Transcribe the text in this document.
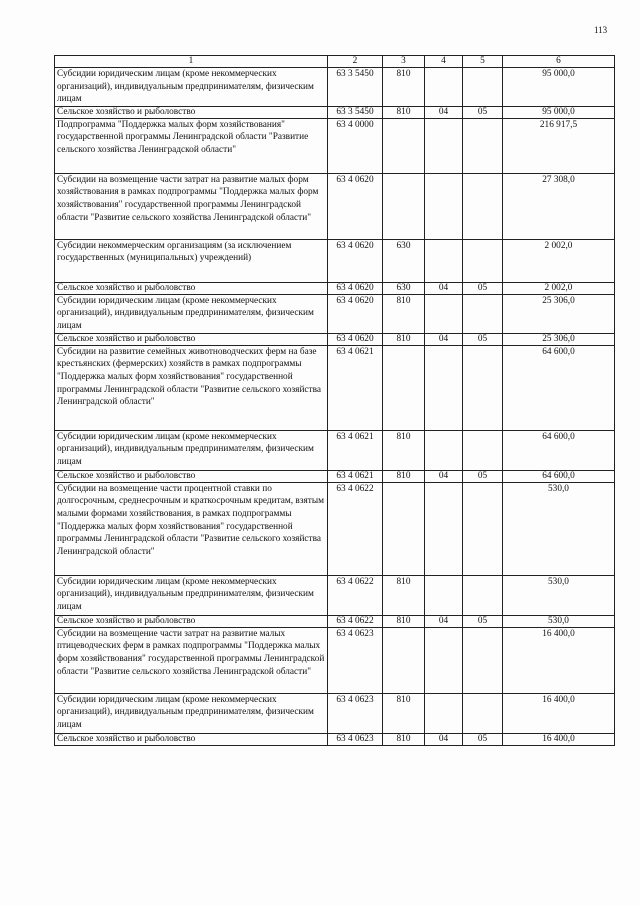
113
1	2	3	4	5	6
Субсидии юридическим лицам (кроме некоммерческих организаций), индивидуальным предпринимателям, физическим лицам	63 3 5450	810			95 000,0
Сельское хозяйство и рыболовство	63 3 5450	810	04	05	95 000,0
Подпрограмма "Поддержка малых форм хозяйствования" государственной программы Ленинградской области "Развитие сельского хозяйства Ленинградской области"	63 4 0000				216 917,5
Субсидии на возмещение части затрат на развитие малых форм хозяйствования в рамках подпрограммы "Поддержка малых форм хозяйствования" государственной программы Ленинградской области "Развитие сельского хозяйства Ленинградской области"	63 4 0620				27 308,0
Субсидии некоммерческим организациям (за исключением государственных (муниципальных) учреждений)	63 4 0620	630			2 002,0
Сельское хозяйство и рыболовство	63 4 0620	630	04	05	2 002,0
Субсидии юридическим лицам (кроме некоммерческих организаций), индивидуальным предпринимателям, физическим лицам	63 4 0620	810			25 306,0
Сельское хозяйство и рыболовство	63 4 0620	810	04	05	25 306,0
Субсидии на развитие семейных животноводческих ферм на базе крестьянских (фермерских) хозяйств в рамках подпрограммы "Поддержка малых форм хозяйствования" государственной программы Ленинградской области "Развитие сельского хозяйства Ленинградской области"	63 4 0621				64 600,0
Субсидии юридическим лицам (кроме некоммерческих организаций), индивидуальным предпринимателям, физическим лицам	63 4 0621	810			64 600,0
Сельское хозяйство и рыболовство	63 4 0621	810	04	05	64 600,0
Субсидии на возмещение части процентной ставки по долгосрочным, среднесрочным и краткосрочным кредитам, взятым малыми формами хозяйствования, в рамках подпрограммы "Поддержка малых форм хозяйствования" государственной программы Ленинградской области "Развитие сельского хозяйства Ленинградской области"	63 4 0622				530,0
Субсидии юридическим лицам (кроме некоммерческих организаций), индивидуальным предпринимателям, физическим лицам	63 4 0622	810			530,0
Сельское хозяйство и рыболовство	63 4 0622	810	04	05	530,0
Субсидии на возмещение части затрат на развитие малых птицеводческих ферм в рамках подпрограммы "Поддержка малых форм хозяйствования" государственной программы Ленинградской области "Развитие сельского хозяйства Ленинградской области"	63 4 0623				16 400,0
Субсидии юридическим лицам (кроме некоммерческих организаций), индивидуальным предпринимателям, физическим лицам	63 4 0623	810			16 400,0
Сельское хозяйство и рыболовство	63 4 0623	810	04	05	16 400,0
